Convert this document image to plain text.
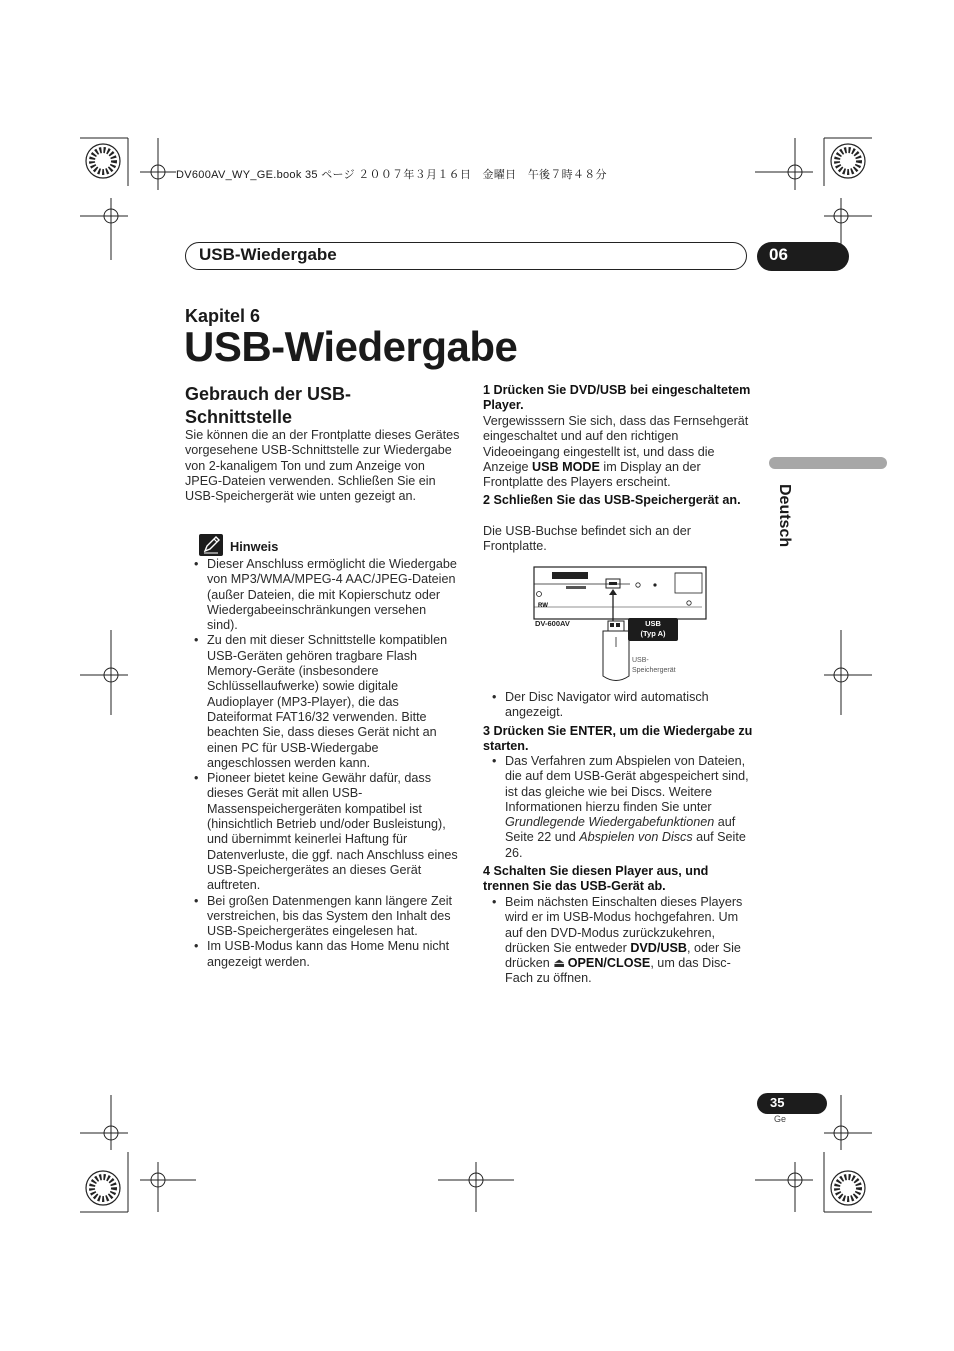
DV600AV_WY_GE.book 35 ページ ２００７年３月１６日　金曜日　午後７時４８分
USB-Wiedergabe	06
Kapitel 6
USB-Wiedergabe
Deutsch
Gebrauch der USB-Schnittstelle
Sie können die an der Frontplatte dieses Gerätes vorgesehene USB-Schnittstelle zur Wiedergabe von 2-kanaligem Ton und zum Anzeige von JPEG-Dateien verwenden. Schließen Sie ein USB-Speichergerät wie unten gezeigt an.
Hinweis
• Dieser Anschluss ermöglicht die Wiedergabe von MP3/WMA/MPEG-4 AAC/JPEG-Dateien (außer Dateien, die mit Kopierschutz oder Wiedergabeeinschränkungen versehen sind).
• Zu den mit dieser Schnittstelle kompatiblen USB-Geräten gehören tragbare Flash Memory-Geräte (insbesondere Schlüssellaufwerke) sowie digitale Audioplayer (MP3-Player), die das Dateiformat FAT16/32 verwenden. Bitte beachten Sie, dass dieses Gerät nicht an einen PC für USB-Wiedergabe angeschlossen werden kann.
• Pioneer bietet keine Gewähr dafür, dass dieses Gerät mit allen USB-Massenspeichergeräten kompatibel ist (hinsichtlich Betrieb und/oder Busleistung), und übernimmt keinerlei Haftung für Datenverluste, die ggf. nach Anschluss eines USB-Speichergerätes an dieses Gerät auftreten.
• Bei großen Datenmengen kann längere Zeit verstreichen, bis das System den Inhalt des USB-Speichergerätes eingelesen hat.
• Im USB-Modus kann das Home Menu nicht angezeigt werden.
1 Drücken Sie DVD/USB bei eingeschaltetem Player.
Vergewisssern Sie sich, dass das Fernsehgerät eingeschaltet und auf den richtigen Videoeingang eingestellt ist, und dass die Anzeige USB MODE im Display an der Frontplatte des Players erscheint.
2 Schließen Sie das USB-Speichergerät an.
Die USB-Buchse befindet sich an der Frontplatte.
RW
USB
(Typ A)
USB-
Speichergerät
DV-600AV
• Der Disc Navigator wird automatisch angezeigt.
3 Drücken Sie ENTER, um die Wiedergabe zu starten.
• Das Verfahren zum Abspielen von Dateien, die auf dem USB-Gerät abgespeichert sind, ist das gleiche wie bei Discs. Weitere Informationen hierzu finden Sie unter Grundlegende Wiedergabefunktionen auf Seite 22 und Abspielen von Discs auf Seite 26.
4 Schalten Sie diesen Player aus, und trennen Sie das USB-Gerät ab.
• Beim nächsten Einschalten dieses Players wird er im USB-Modus hochgefahren. Um auf den DVD-Modus zurückzukehren, drücken Sie entweder DVD/USB, oder Sie drücken ⏏ OPEN/CLOSE, um das Disc-Fach zu öffnen.
35
Ge
